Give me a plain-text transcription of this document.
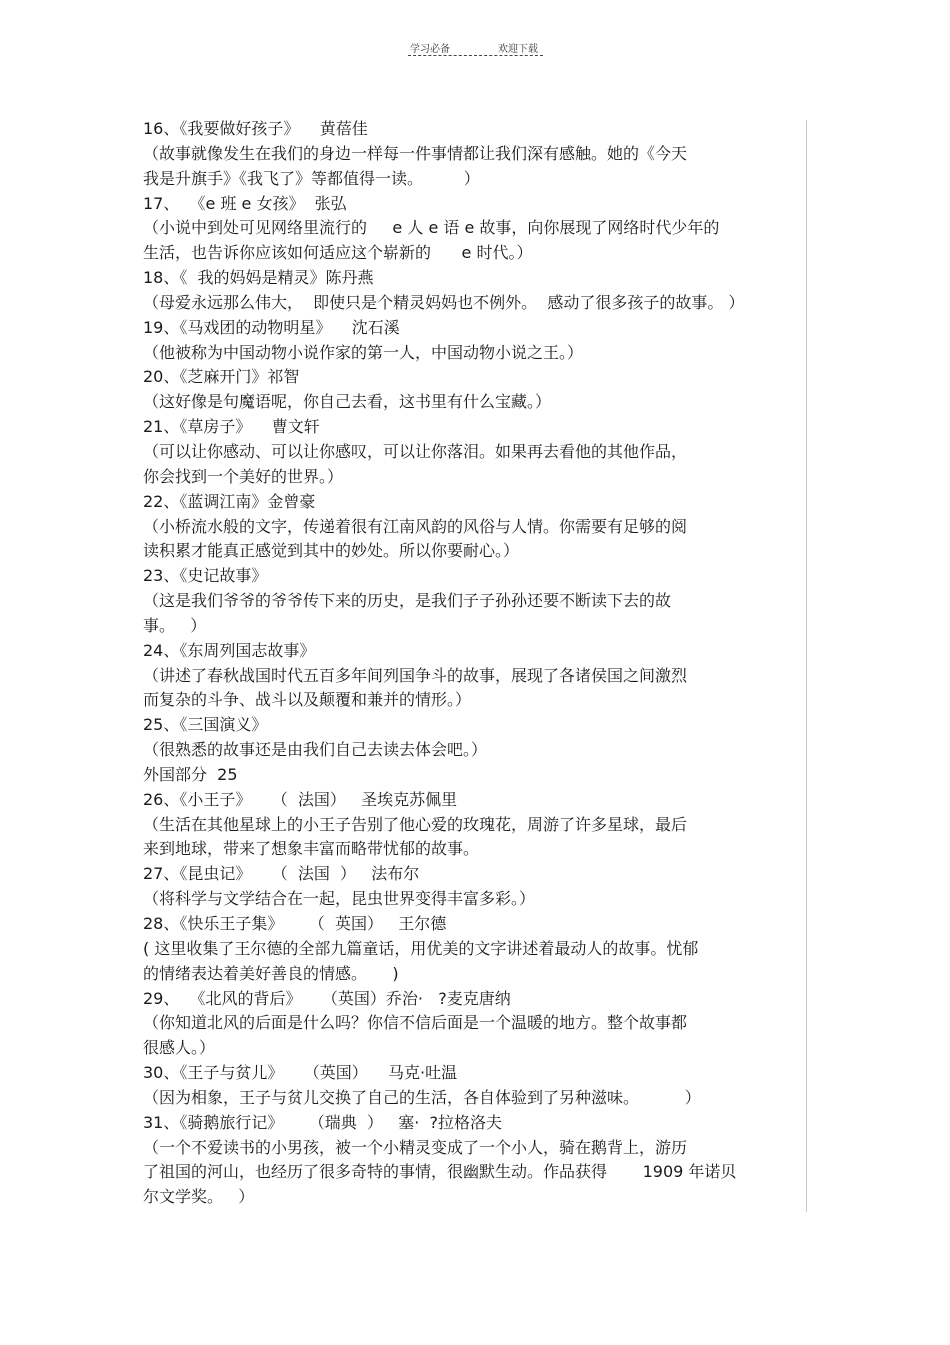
学习必备	欢迎下载
16、《我要做好孩子》    黄蓓佳
（故事就像发生在我们的身边一样每一件事情都让我们深有感触。她的《今天
我是升旗手》《我飞了》等都值得一读。        ）
17、  《e 班 e 女孩》  张弘
（小说中到处可见网络里流行的     e 人 e 语 e 故事，向你展现了网络时代少年的
生活，也告诉你应该如何适应这个崭新的      e 时代。）
18、《  我的妈妈是精灵》陈丹燕
（母爱永远那么伟大，  即使只是个精灵妈妈也不例外。  感动了很多孩子的故事。 ）
19、《马戏团的动物明星》    沈石溪
（他被称为中国动物小说作家的第一人，中国动物小说之王。）
20、《芝麻开门》祁智
（这好像是句魔语呢，你自己去看，这书里有什么宝藏。）
21、《草房子》    曹文轩
（可以让你感动、可以让你感叹，可以让你落泪。如果再去看他的其他作品，
你会找到一个美好的世界。）
22、《蓝调江南》金曾豪
（小桥流水般的文字，传递着很有江南风韵的风俗与人情。你需要有足够的阅
读积累才能真正感觉到其中的妙处。所以你要耐心。）
23、《史记故事》
（这是我们爷爷的爷爷传下来的历史，是我们子子孙孙还要不断读下去的故
事。   ）
24、《东周列国志故事》
（讲述了春秋战国时代五百多年间列国争斗的故事，展现了各诸侯国之间激烈
而复杂的斗争、战斗以及颠覆和兼并的情形。）
25、《三国演义》
（很熟悉的故事还是由我们自己去读去体会吧。）
外国部分  25
26、《小王子》    （  法国）   圣埃克苏佩里
（生活在其他星球上的小王子告别了他心爱的玫瑰花，周游了许多星球，最后
来到地球，带来了想象丰富而略带忧郁的故事。
27、《昆虫记》    （  法国  ）   法布尔
（将科学与文学结合在一起，昆虫世界变得丰富多彩。）
28、《快乐王子集》     （  英国）   王尔德
( 这里收集了王尔德的全部九篇童话，用优美的文字讲述着最动人的故事。忧郁
的情绪表达着美好善良的情感。     )
29、  《北风的背后》    （英国）乔治·   ?麦克唐纳
（你知道北风的后面是什么吗？你信不信后面是一个温暖的地方。整个故事都
很感人。）
30、《王子与贫儿》    （英国）    马克·吐温
（因为相象，王子与贫儿交换了自己的生活，各自体验到了另种滋味。         ）
31、《骑鹅旅行记》     （瑞典  ）   塞·  ?拉格洛夫
（一个不爱读书的小男孩，被一个小精灵变成了一个小人，骑在鹅背上，游历
了祖国的河山，也经历了很多奇特的事情，很幽默生动。作品获得       1909 年诺贝
尔文学奖。   ）
